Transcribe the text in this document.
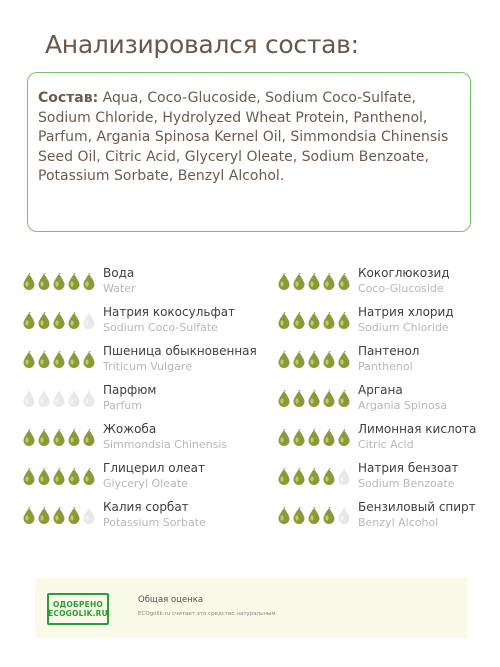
Анализировался состав:

Состав: Aqua, Coco-Glucoside, Sodium Coco-Sulfate, Sodium Chloride, Hydrolyzed Wheat Protein, Panthenol, Parfum, Argania Spinosa Kernel Oil, Simmondsia Chinensis Seed Oil, Citric Acid, Glyceryl Oleate, Sodium Benzoate, Potassium Sorbate, Benzyl Alcohol.

Вода
Water
Кокоглюкозид
Coco-Glucoside
Натрия кокосульфат
Sodium Coco-Sulfate
Натрия хлорид
Sodium Chloride
Пшеница обыкновенная
Triticum Vulgare
Пантенол
Panthenol
Парфюм
Parfum
Аргана
Argania Spinosa
Жожоба
Simmondsia Chinensis
Лимонная кислота
Citric Acid
Глицерил олеат
Glyceryl Oleate
Натрия бензоат
Sodium Benzoate
Калия сорбат
Potassium Sorbate
Бензиловый спирт
Benzyl Alcohol
ОДОБРЕНО
ECOGOLIK.RU
Общая оценка
ECOgolik.ru считает это средство натуральным
